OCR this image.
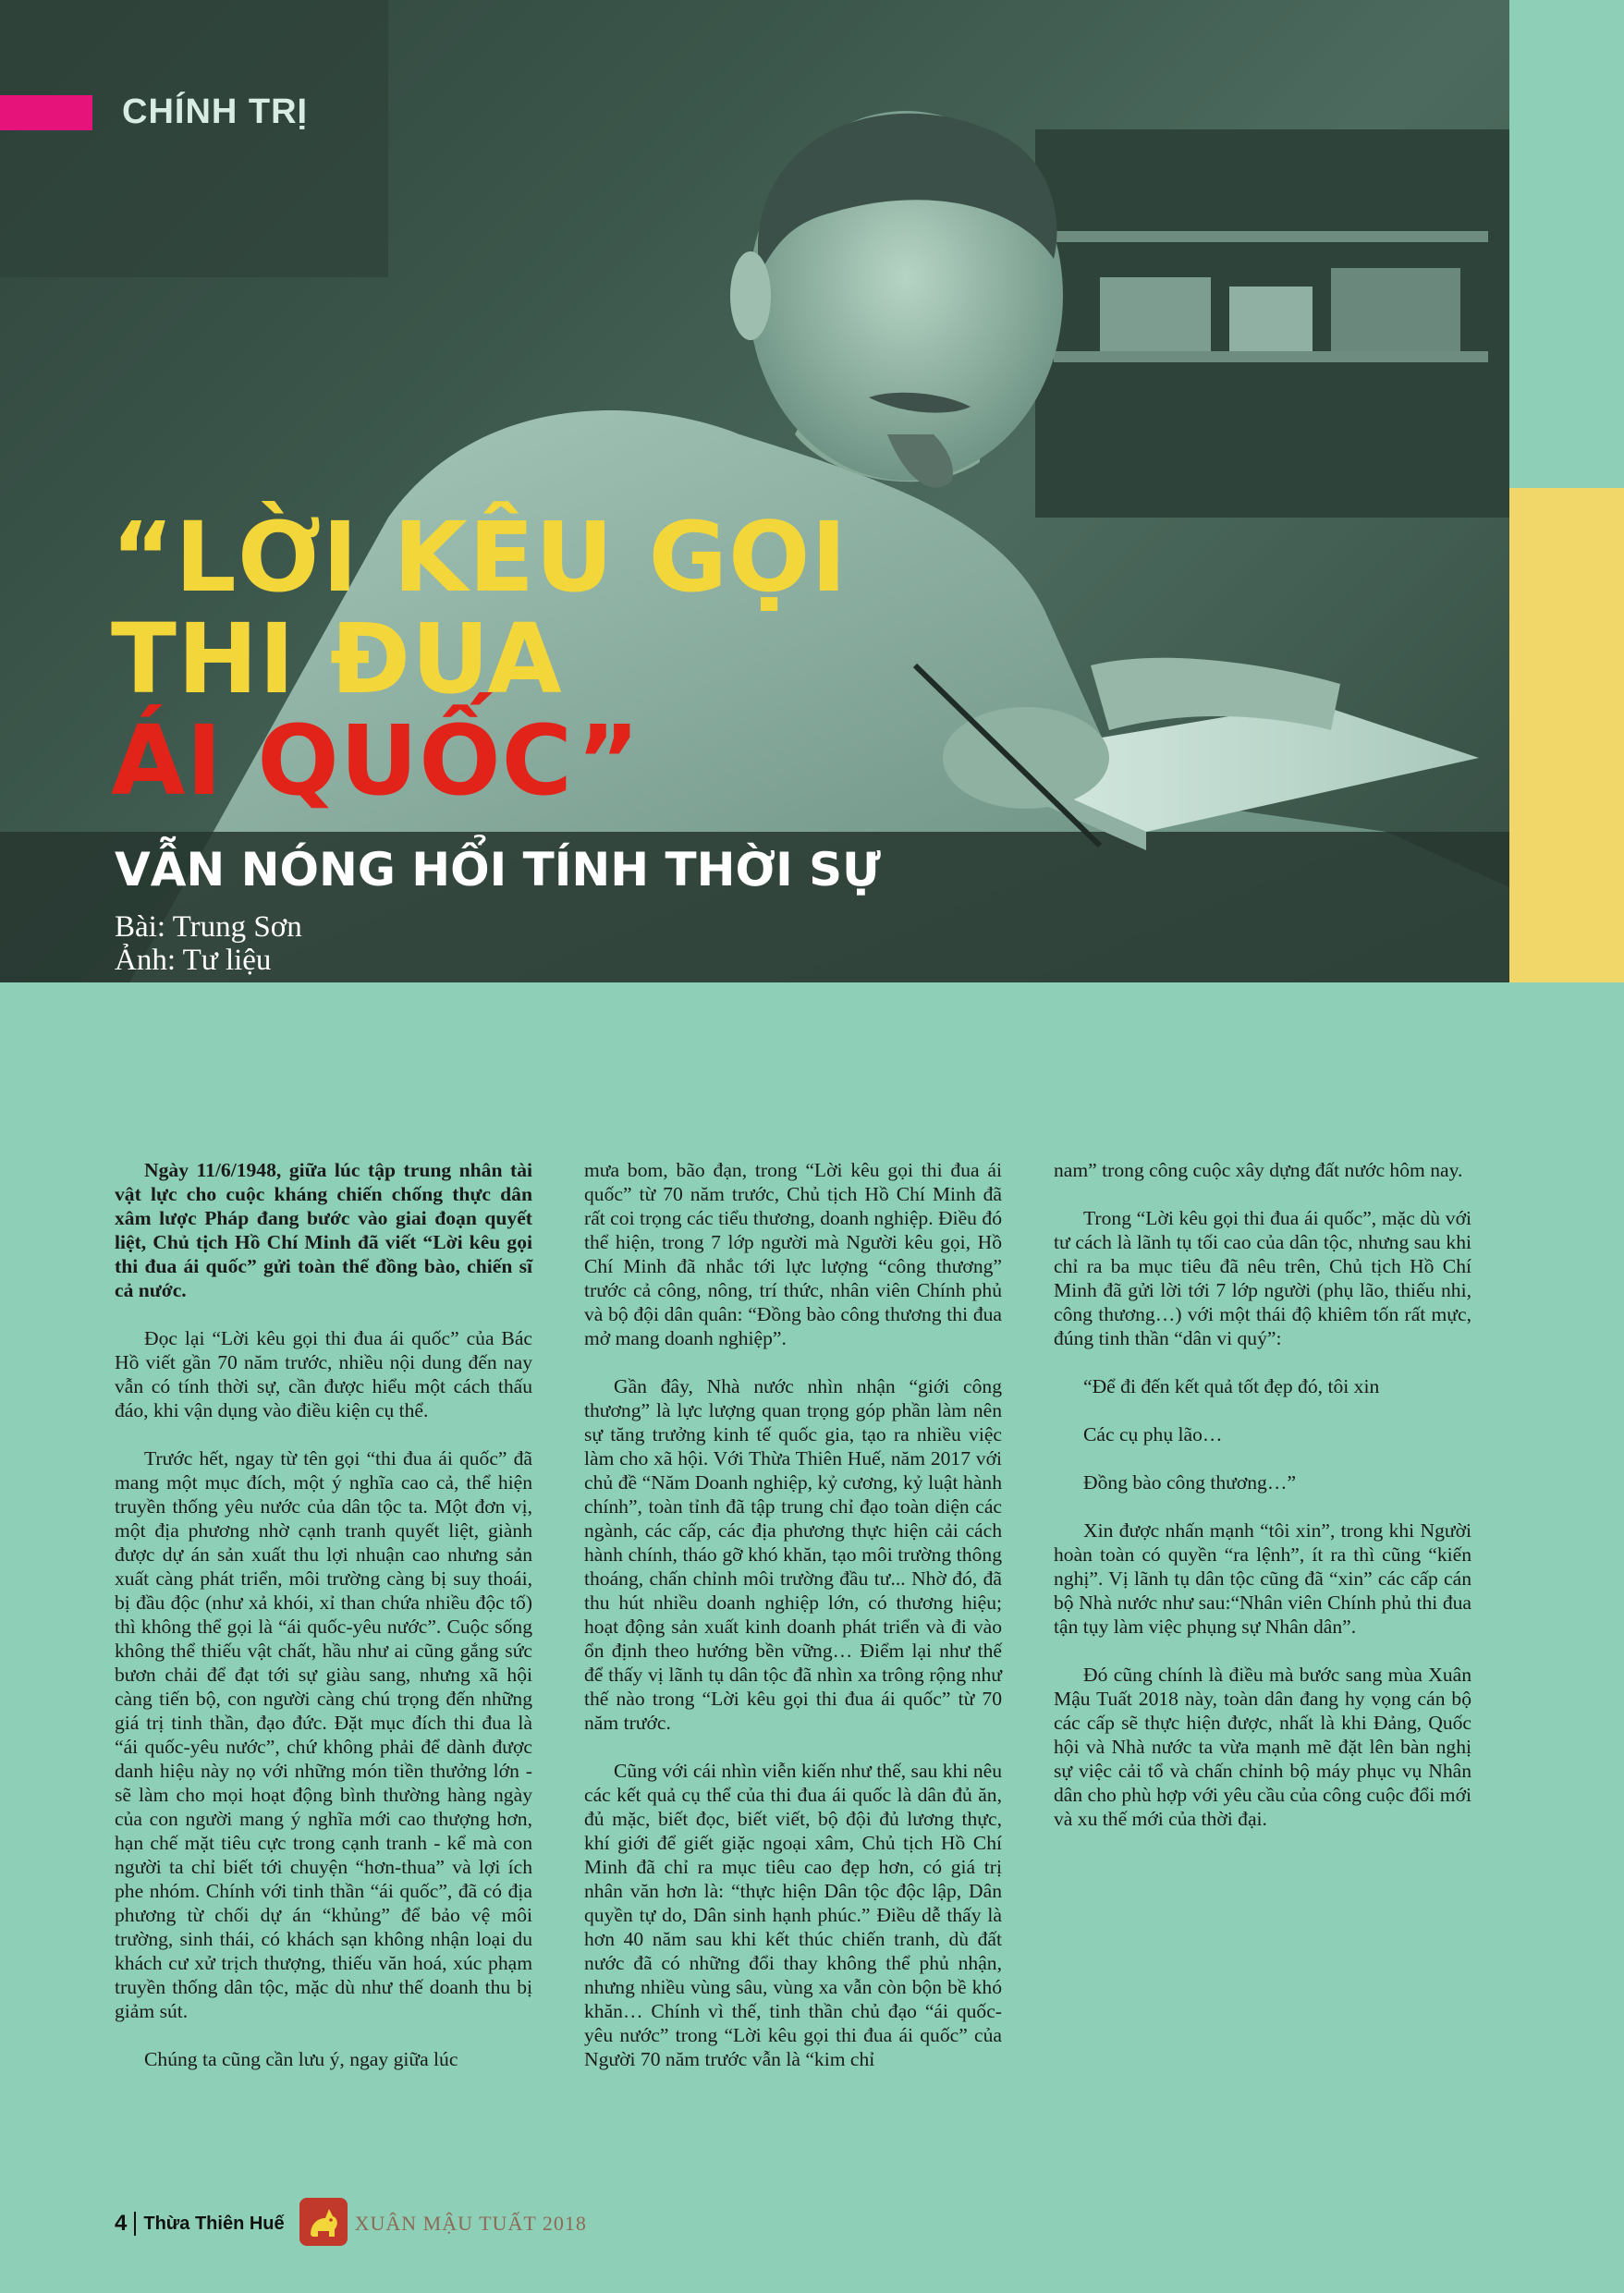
CHÍNH TRỊ
“LỜI KÊU GỌI
THI ĐUA
ÁI QUỐC”
VẪN NÓNG HỔI TÍNH THỜI SỰ
Bài: Trung Sơn
Ảnh: Tư liệu

Ngày 11/6/1948, giữa lúc tập trung nhân tài vật lực cho cuộc kháng chiến chống thực dân xâm lược Pháp đang bước vào giai đoạn quyết liệt, Chủ tịch Hồ Chí Minh đã viết “Lời kêu gọi thi đua ái quốc” gửi toàn thể đồng bào, chiến sĩ cả nước.

Đọc lại “Lời kêu gọi thi đua ái quốc” của Bác Hồ viết gần 70 năm trước, nhiều nội dung đến nay vẫn có tính thời sự, cần được hiểu một cách thấu đáo, khi vận dụng vào điều kiện cụ thể.

Trước hết, ngay từ tên gọi “thi đua ái quốc” đã mang một mục đích, một ý nghĩa cao cả, thể hiện truyền thống yêu nước của dân tộc ta. Một đơn vị, một địa phương nhờ cạnh tranh quyết liệt, giành được dự án sản xuất thu lợi nhuận cao nhưng sản xuất càng phát triển, môi trường càng bị suy thoái, bị đầu độc (như xả khói, xỉ than chứa nhiều độc tố) thì không thể gọi là “ái quốc-yêu nước”. Cuộc sống không thể thiếu vật chất, hầu như ai cũng gắng sức bươn chải để đạt tới sự giàu sang, nhưng xã hội càng tiến bộ, con người càng chú trọng đến những giá trị tinh thần, đạo đức. Đặt mục đích thi đua là “ái quốc-yêu nước”, chứ không phải để dành được danh hiệu này nọ với những món tiền thưởng lớn - sẽ làm cho mọi hoạt động bình thường hàng ngày của con người mang ý nghĩa mới cao thượng hơn, hạn chế mặt tiêu cực trong cạnh tranh - kể mà con người ta chỉ biết tới chuyện “hơn-thua” và lợi ích phe nhóm. Chính với tinh thần “ái quốc”, đã có địa phương từ chối dự án “khủng” để bảo vệ môi trường, sinh thái, có khách sạn không nhận loại du khách cư xử trịch thượng, thiếu văn hoá, xúc phạm truyền thống dân tộc, mặc dù như thế doanh thu bị giảm sút.

Chúng ta cũng cần lưu ý, ngay giữa lúc

mưa bom, bão đạn, trong “Lời kêu gọi thi đua ái quốc” từ 70 năm trước, Chủ tịch Hồ Chí Minh đã rất coi trọng các tiểu thương, doanh nghiệp. Điều đó thể hiện, trong 7 lớp người mà Người kêu gọi, Hồ Chí Minh đã nhắc tới lực lượng “công thương” trước cả công, nông, trí thức, nhân viên Chính phủ và bộ đội dân quân: “Đồng bào công thương thi đua mở mang doanh nghiệp”.

Gần đây, Nhà nước nhìn nhận “giới công thương” là lực lượng quan trọng góp phần làm nên sự tăng trưởng kinh tế quốc gia, tạo ra nhiều việc làm cho xã hội. Với Thừa Thiên Huế, năm 2017 với chủ đề “Năm Doanh nghiệp, kỷ cương, kỷ luật hành chính”, toàn tỉnh đã tập trung chỉ đạo toàn diện các ngành, các cấp, các địa phương thực hiện cải cách hành chính, tháo gỡ khó khăn, tạo môi trường thông thoáng, chấn chỉnh môi trường đầu tư... Nhờ đó, đã thu hút nhiều doanh nghiệp lớn, có thương hiệu; hoạt động sản xuất kinh doanh phát triển và đi vào ổn định theo hướng bền vững… Điểm lại như thế để thấy vị lãnh tụ dân tộc đã nhìn xa trông rộng như thế nào trong “Lời kêu gọi thi đua ái quốc” từ 70 năm trước.

Cũng với cái nhìn viễn kiến như thế, sau khi nêu các kết quả cụ thể của thi đua ái quốc là dân đủ ăn, đủ mặc, biết đọc, biết viết, bộ đội đủ lương thực, khí giới để giết giặc ngoại xâm, Chủ tịch Hồ Chí Minh đã chỉ ra mục tiêu cao đẹp hơn, có giá trị nhân văn hơn là: “thực hiện Dân tộc độc lập, Dân quyền tự do, Dân sinh hạnh phúc.” Điều dễ thấy là hơn 40 năm sau khi kết thúc chiến tranh, dù đất nước đã có những đổi thay không thể phủ nhận, nhưng nhiều vùng sâu, vùng xa vẫn còn bộn bề khó khăn… Chính vì thế, tinh thần chủ đạo “ái quốc-yêu nước” trong “Lời kêu gọi thi đua ái quốc” của Người 70 năm trước vẫn là “kim chỉ

nam” trong công cuộc xây dựng đất nước hôm nay.

Trong “Lời kêu gọi thi đua ái quốc”, mặc dù với tư cách là lãnh tụ tối cao của dân tộc, nhưng sau khi chỉ ra ba mục tiêu đã nêu trên, Chủ tịch Hồ Chí Minh đã gửi lời tới 7 lớp người (phụ lão, thiếu nhi, công thương…) với một thái độ khiêm tốn rất mực, đúng tinh thần “dân vi quý”:

“Để đi đến kết quả tốt đẹp đó, tôi xin

Các cụ phụ lão…

Đồng bào công thương…”

Xin được nhấn mạnh “tôi xin”, trong khi Người hoàn toàn có quyền “ra lệnh”, ít ra thì cũng “kiến nghị”. Vị lãnh tụ dân tộc cũng đã “xin” các cấp cán bộ Nhà nước như sau:“Nhân viên Chính phủ thi đua tận tụy làm việc phụng sự Nhân dân”.

Đó cũng chính là điều mà bước sang mùa Xuân Mậu Tuất 2018 này, toàn dân đang hy vọng cán bộ các cấp sẽ thực hiện được, nhất là khi Đảng, Quốc hội và Nhà nước ta vừa mạnh mẽ đặt lên bàn nghị sự việc cải tổ và chấn chỉnh bộ máy phục vụ Nhân dân cho phù hợp với yêu cầu của công cuộc đổi mới và xu thế mới của thời đại.

4 Thừa Thiên Huế	XUÂN MẬU TUẤT 2018
